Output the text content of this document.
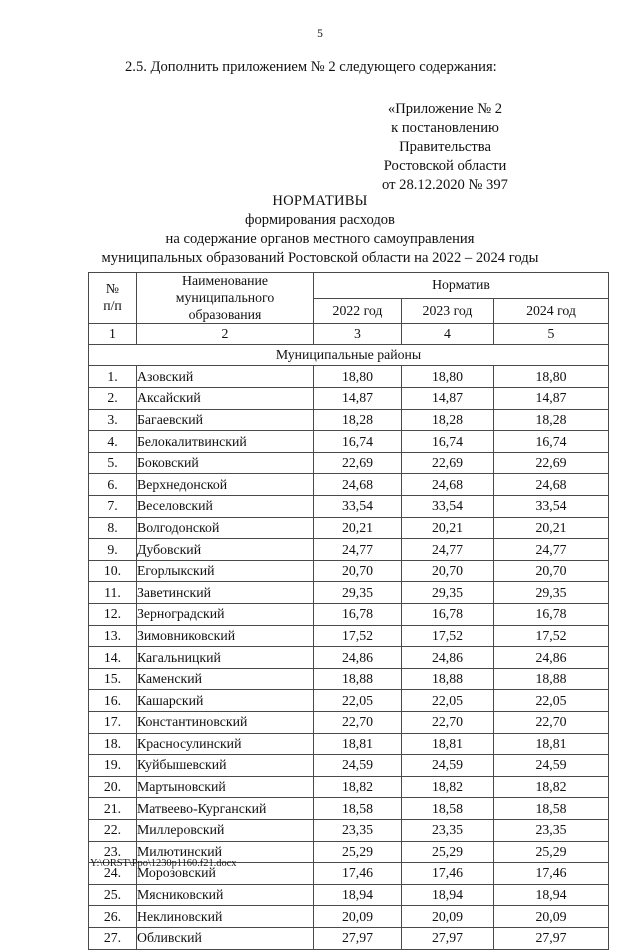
5
2.5. Дополнить приложением № 2 следующего содержания:
«Приложение № 2
к постановлению
Правительства
Ростовской области
от 28.12.2020 № 397
НОРМАТИВЫ
формирования расходов
на содержание органов местного самоуправления
муниципальных образований Ростовской области на 2022 – 2024 годы
№
п/п

Наименование
муниципального
образования
	Норматив
		2022 год	2023 год	2024 год
1	2	3	4	5
Муниципальные районы				
1.	Азовский	18,80	18,80	18,80
2.	Аксайский	14,87	14,87	14,87
3.	Багаевский	18,28	18,28	18,28
4.	Белокалитвинский	16,74	16,74	16,74
5.	Боковский	22,69	22,69	22,69
6.	Верхнедонской	24,68	24,68	24,68
7.	Веселовский	33,54	33,54	33,54
8.	Волгодонской	20,21	20,21	20,21
9.	Дубовский	24,77	24,77	24,77
10.	Егорлыкский	20,70	20,70	20,70
11.	Заветинский	29,35	29,35	29,35
12.	Зерноградский	16,78	16,78	16,78
13.	Зимовниковский	17,52	17,52	17,52
14.	Кагальницкий	24,86	24,86	24,86
15.	Каменский	18,88	18,88	18,88
16.	Кашарский	22,05	22,05	22,05
17.	Константиновский	22,70	22,70	22,70
18.	Красносулинский	18,81	18,81	18,81
19.	Куйбышевский	24,59	24,59	24,59
20.	Мартыновский	18,82	18,82	18,82
21.	Матвеево-Курганский	18,58	18,58	18,58
22.	Миллеровский	23,35	23,35	23,35
23.	Милютинский	25,29	25,29	25,29
24.	Морозовский	17,46	17,46	17,46
25.	Мясниковский	18,94	18,94	18,94
26.	Неклиновский	20,09	20,09	20,09
27.	Обливский	27,97	27,97	27,97
Y:\ORST\Ppo\1230p1160.f21.docx
